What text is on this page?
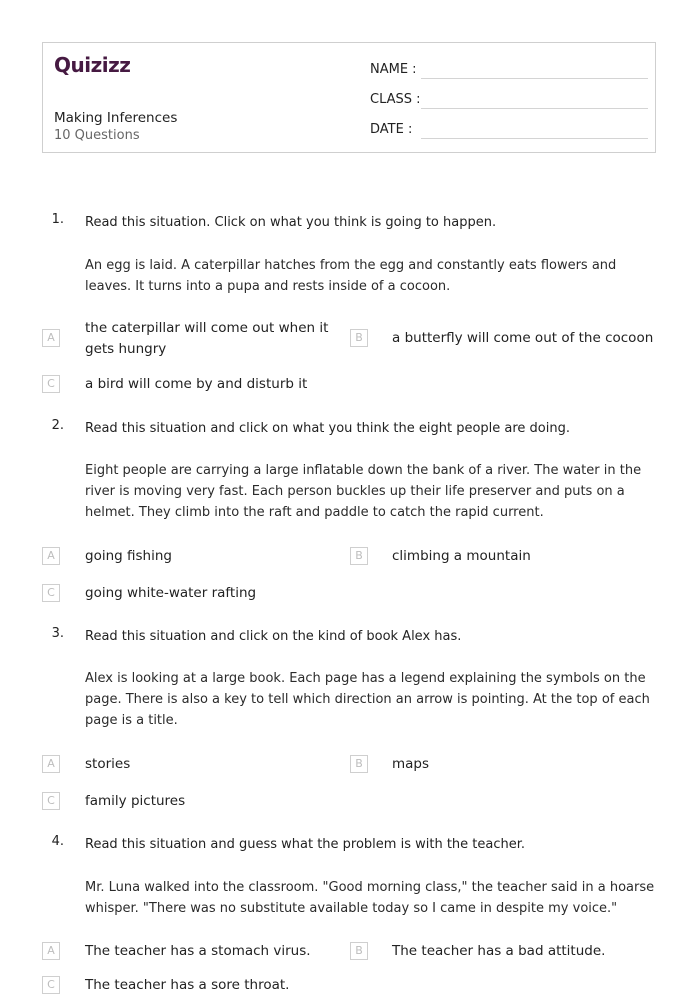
Quizizz
Making Inferences
10 Questions
NAME :
CLASS :
DATE :
1. Read this situation. Click on what you think is going to happen.
An egg is laid. A caterpillar hatches from the egg and constantly eats flowers and leaves. It turns into a pupa and rests inside of a cocoon.
A
the caterpillar will come out when it gets hungry
B	a butterfly will come out of the cocoon
C	a bird will come by and disturb it
2. Read this situation and click on what you think the eight people are doing.
Eight people are carrying a large inflatable down the bank of a river. The water in the river is moving very fast. Each person buckles up their life preserver and puts on a helmet. They climb into the raft and paddle to catch the rapid current.
A	going fishing	B	climbing a mountain
C	going white-water rafting
3. Read this situation and click on the kind of book Alex has.
Alex is looking at a large book. Each page has a legend explaining the symbols on the page. There is also a key to tell which direction an arrow is pointing. At the top of each page is a title.
A	stories	B	maps
C	family pictures
4. Read this situation and guess what the problem is with the teacher.
Mr. Luna walked into the classroom. "Good morning class," the teacher said in a hoarse whisper. "There was no substitute available today so I came in despite my voice."
A	The teacher has a stomach virus.	B	The teacher has a bad attitude.
C	The teacher has a sore throat.
